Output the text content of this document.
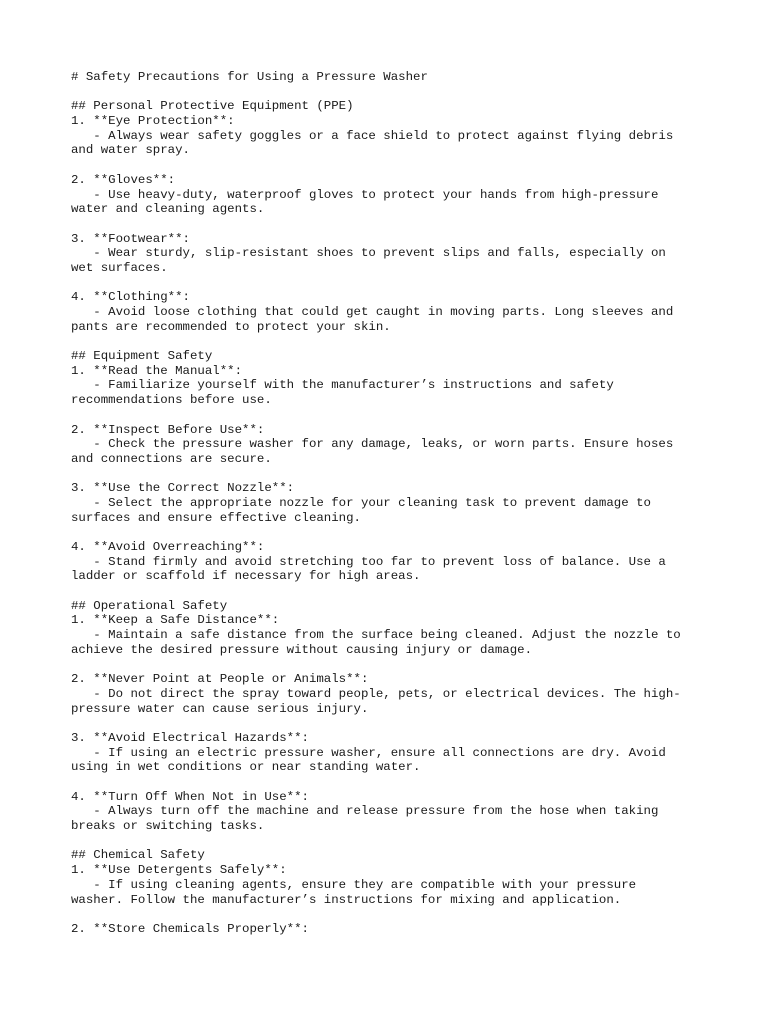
# Safety Precautions for Using a Pressure Washer
## Personal Protective Equipment (PPE)
1. **Eye Protection**:
- Always wear safety goggles or a face shield to protect against flying debris
and water spray.
2. **Gloves**:
- Use heavy-duty, waterproof gloves to protect your hands from high-pressure
water and cleaning agents.
3. **Footwear**:
- Wear sturdy, slip-resistant shoes to prevent slips and falls, especially on
wet surfaces.
4. **Clothing**:
- Avoid loose clothing that could get caught in moving parts. Long sleeves and
pants are recommended to protect your skin.
## Equipment Safety
1. **Read the Manual**:
- Familiarize yourself with the manufacturer’s instructions and safety
recommendations before use.
2. **Inspect Before Use**:
- Check the pressure washer for any damage, leaks, or worn parts. Ensure hoses
and connections are secure.
3. **Use the Correct Nozzle**:
- Select the appropriate nozzle for your cleaning task to prevent damage to
surfaces and ensure effective cleaning.
4. **Avoid Overreaching**:
- Stand firmly and avoid stretching too far to prevent loss of balance. Use a
ladder or scaffold if necessary for high areas.
## Operational Safety
1. **Keep a Safe Distance**:
- Maintain a safe distance from the surface being cleaned. Adjust the nozzle to
achieve the desired pressure without causing injury or damage.
2. **Never Point at People or Animals**:
- Do not direct the spray toward people, pets, or electrical devices. The high-
pressure water can cause serious injury.
3. **Avoid Electrical Hazards**:
- If using an electric pressure washer, ensure all connections are dry. Avoid
using in wet conditions or near standing water.
4. **Turn Off When Not in Use**:
- Always turn off the machine and release pressure from the hose when taking
breaks or switching tasks.
## Chemical Safety
1. **Use Detergents Safely**:
- If using cleaning agents, ensure they are compatible with your pressure
washer. Follow the manufacturer’s instructions for mixing and application.
2. **Store Chemicals Properly**:
